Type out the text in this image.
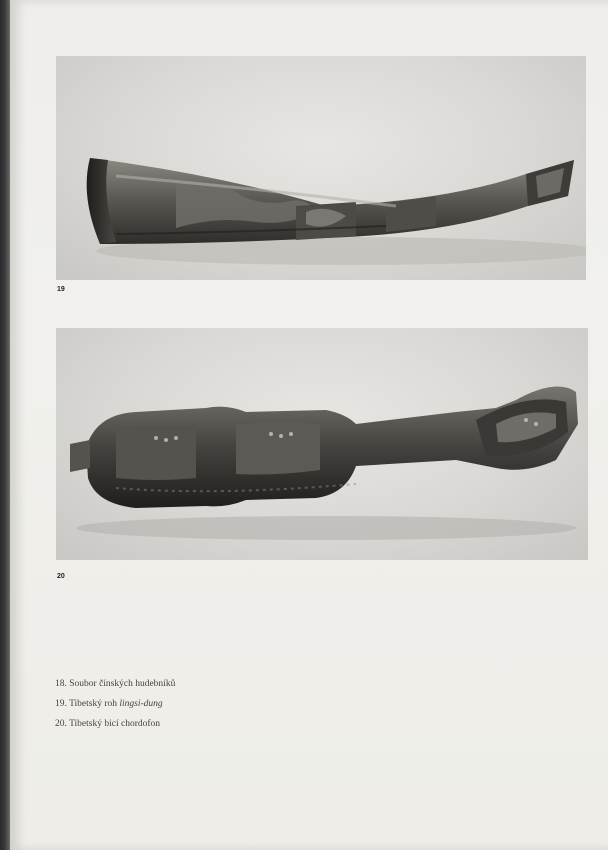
19
20
18. Soubor čínských hudebníků
19. Tibetský roh lingsi-dung
20. Tibetský bicí chordofon
